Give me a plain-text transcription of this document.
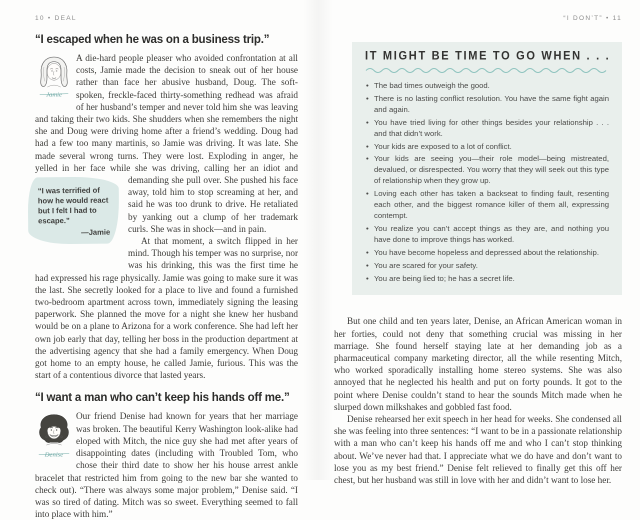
10 • DEAL
“I escaped when he was on a business trip.”

Jamie
A die-hard people pleaser who avoided confrontation at all costs, Jamie made the decision to sneak out of her house rather than face her abusive husband, Doug. The soft-spoken, freckle-faced thirty-something redhead was afraid of her husband’s temper and never told him she was leaving and taking their two kids. She shudders when she remembers the night she and Doug were driving home after a friend’s wedding. Doug had had a few too many martinis, so Jamie was driving. It was late. She made several wrong turns. They were lost. Exploding in anger, he yelled in her face while she was driving, calling her an idiot and demanding she pull over. She
“I was terrified of how he would react but I felt I had to escape.”
—Jamie
pushed his face away, told him to stop screaming at her, and said he was too drunk to drive. He retaliated by yanking out a clump of her trademark curls. She was in shock—and in pain.

At that moment, a switch flipped in her mind. Though his temper was no surprise, nor was his drinking, this was the first time he had expressed his rage physically. Jamie was going to make sure it was the last. She secretly looked for a place to live and found a furnished two-bedroom apartment across town, immediately signing the leasing paperwork. She planned the move for a night she knew her husband would be on a plane to Arizona for a work conference. She had left her own job early that day, telling her boss in the production department at the advertising agency that she had a family emergency. When Doug got home to an empty house, he called Jamie, furious. This was the start of a contentious divorce that lasted years.

“I want a man who can’t keep his hands off me.”

Denise
Our friend Denise had known for years that her marriage was broken. The beautiful Kerry Washington look-alike had eloped with Mitch, the nice guy she had met after years of disappointing dates (including with Troubled Tom, who chose their third date to show her his house arrest ankle bracelet that restricted him from going to the new bar she wanted to check out). “There was always some major problem,” Denise said. “I was so tired of dating. Mitch was so sweet. Everything seemed to fall into place with him.”

“I DON’T” • 11
IT MIGHT BE TIME TO GO WHEN . . .
• The bad times outweigh the good.
• There is no lasting conflict resolution. You have the same fight again and again.
• You have tried living for other things besides your relationship . . . and that didn’t work.
• Your kids are exposed to a lot of conflict.
• Your kids are seeing you—their role model—being mistreated, devalued, or disrespected. You worry that they will seek out this type of relationship when they grow up.
• Loving each other has taken a backseat to finding fault, resenting each other, and the biggest romance killer of them all, expressing contempt.
• You realize you can’t accept things as they are, and nothing you have done to improve things has worked.
• You have become hopeless and depressed about the relationship.
• You are scared for your safety.
• You are being lied to; he has a secret life.

But one child and ten years later, Denise, an African American woman in her forties, could not deny that something crucial was missing in her marriage. She found herself staying late at her demanding job as a pharmaceutical company marketing director, all the while resenting Mitch, who worked sporadically installing home stereo systems. She was also annoyed that he neglected his health and put on forty pounds. It got to the point where Denise couldn’t stand to hear the sounds Mitch made when he slurped down milkshakes and gobbled fast food.

Denise rehearsed her exit speech in her head for weeks. She condensed all she was feeling into three sentences: “I want to be in a passionate relationship with a man who can’t keep his hands off me and who I can’t stop thinking about. We’ve never had that. I appreciate what we do have and don’t want to lose you as my best friend.” Denise felt relieved to finally get this off her chest, but her husband was still in love with her and didn’t want to lose her.
